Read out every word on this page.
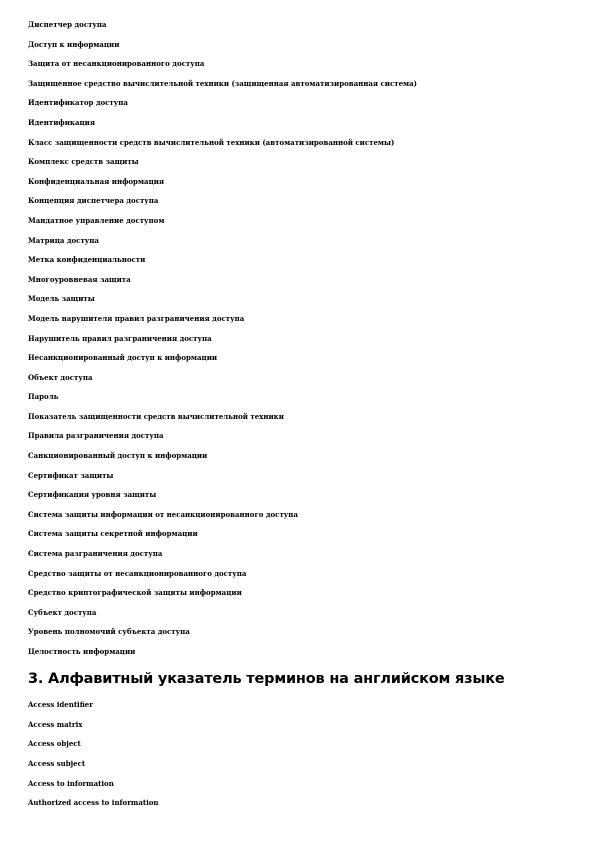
Диспетчер доступа
Доступ к информации
Защита от несанкционированного доступа
Защищенное средство вычислительной техники (защищенная автоматизированная система)
Идентификатор доступа
Идентификация
Класс защищенности средств вычислительной техники (автоматизированной системы)
Комплекс средств защиты
Конфиденциальная информация
Концепция диспетчера доступа
Мандатное управление доступом
Матрица доступа
Метка конфиденциальности
Многоуровневая защита
Модель защиты
Модель нарушителя правил разграничения доступа
Нарушитель правил разграничения доступа
Несанкционированный доступ к информации
Объект доступа
Пароль
Показатель защищенности средств вычислительной техники
Правила разграничения доступа
Санкционированный доступ к информации
Сертификат защиты
Сертификация уровня защиты
Система защиты информации от несанкционированного доступа
Система защиты секретной информации
Система разграничения доступа
Средство защиты от несанкционированного доступа
Средство криптографической защиты информации
Субъект доступа
Уровень полномочий субъекта доступа
Целостность информации
3. Алфавитный указатель терминов на английском языке
Access identifier
Access matrix
Access object
Access subject
Access to information
Authorized access to information
